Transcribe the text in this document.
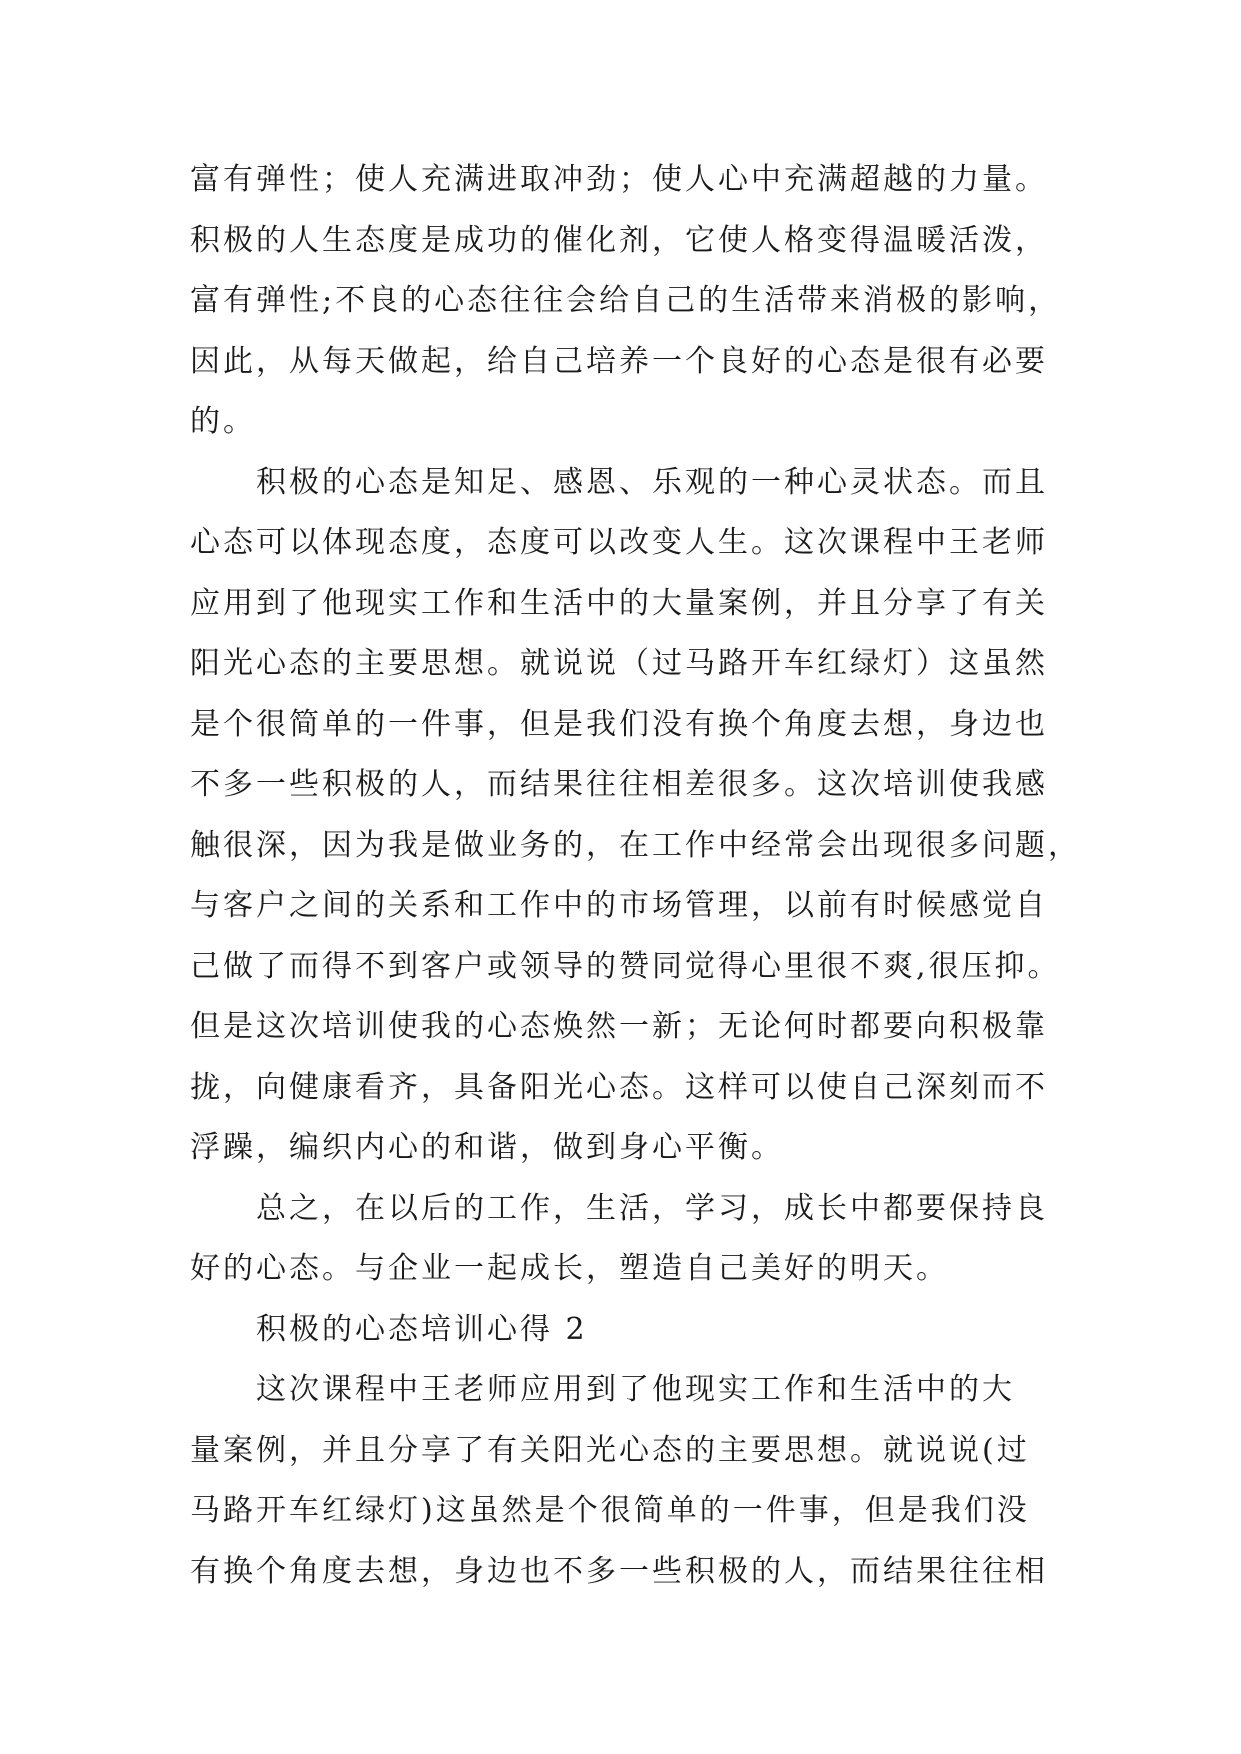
富有弹性；使人充满进取冲劲；使人心中充满超越的力量。
积极的人生态度是成功的催化剂，它使人格变得温暖活泼，
富有弹性;不良的心态往往会给自己的生活带来消极的影响，
因此，从每天做起，给自己培养一个良好的心态是很有必要
的。
积极的心态是知足、感恩、乐观的一种心灵状态。而且
心态可以体现态度，态度可以改变人生。这次课程中王老师
应用到了他现实工作和生活中的大量案例，并且分享了有关
阳光心态的主要思想。就说说（过马路开车红绿灯）这虽然
是个很简单的一件事，但是我们没有换个角度去想，身边也
不多一些积极的人，而结果往往相差很多。这次培训使我感
触很深，因为我是做业务的，在工作中经常会出现很多问题，
与客户之间的关系和工作中的市场管理，以前有时候感觉自
己做了而得不到客户或领导的赞同觉得心里很不爽,很压抑。
但是这次培训使我的心态焕然一新；无论何时都要向积极靠
拢，向健康看齐，具备阳光心态。这样可以使自己深刻而不
浮躁，编织内心的和谐，做到身心平衡。
总之，在以后的工作，生活，学习，成长中都要保持良
好的心态。与企业一起成长，塑造自己美好的明天。
积极的心态培训心得 2
这次课程中王老师应用到了他现实工作和生活中的大
量案例，并且分享了有关阳光心态的主要思想。就说说(过
马路开车红绿灯)这虽然是个很简单的一件事，但是我们没
有换个角度去想，身边也不多一些积极的人，而结果往往相
